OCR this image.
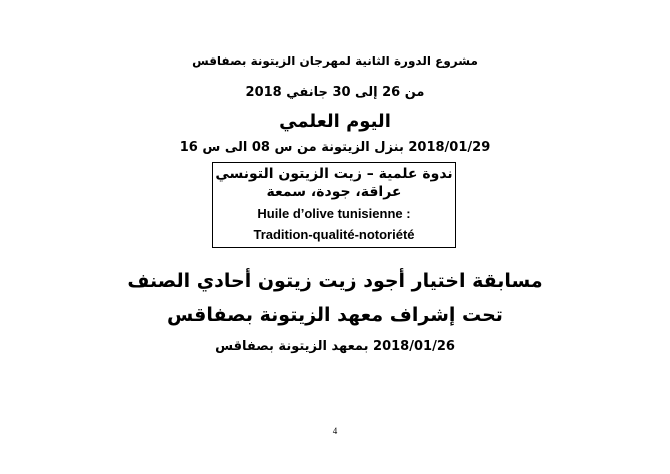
مشروع الدورة الثانية لمهرجان الزيتونة بصفاقس
من 26 إلى 30 جانفي 2018
اليوم العلمي
2018/01/29 بنزل الزيتونة من س 08 الى س 16
ندوة علمية – زيت الزيتون التونسي
عراقة، جودة، سمعة
Huile d’olive tunisienne :
Tradition-qualité-notoriété
مسابقة اختيار أجود زيت زيتون أحادي الصنف
تحت إشراف معهد الزيتونة بصفاقس
2018/01/26 بمعهد الزيتونة بصفاقس
4
